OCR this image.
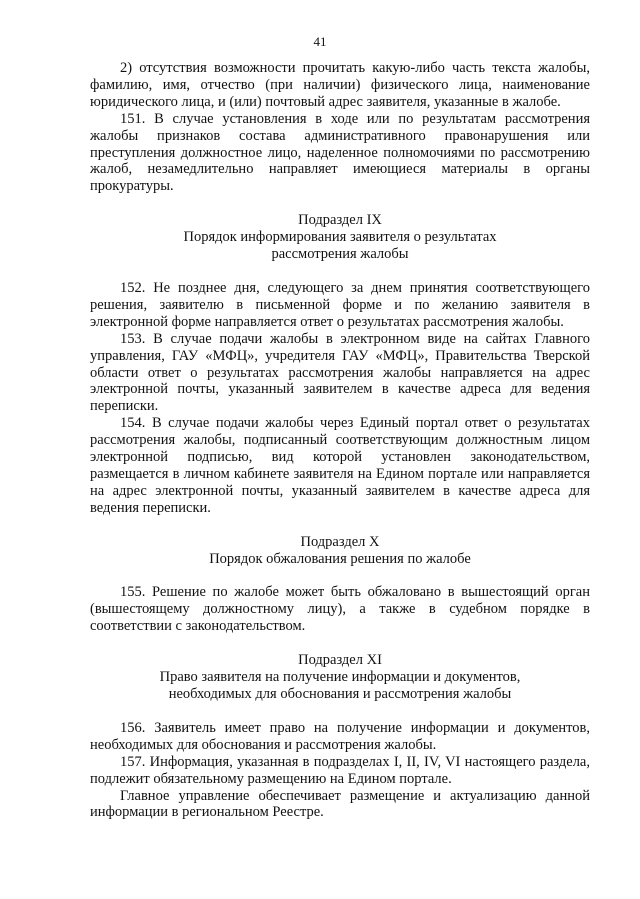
41

2) отсутствия возможности прочитать какую-либо часть текста жалобы, фамилию, имя, отчество (при наличии) физического лица, наименование юридического лица, и (или) почтовый адрес заявителя, указанные в жалобе.

151. В случае установления в ходе или по результатам рассмотрения жалобы признаков состава административного правонарушения или преступления должностное лицо, наделенное полномочиями по рассмотрению жалоб, незамедлительно направляет имеющиеся материалы в органы прокуратуры.

Подраздел IX
Порядок информирования заявителя о результатах
рассмотрения жалобы

152. Не позднее дня, следующего за днем принятия соответствующего решения, заявителю в письменной форме и по желанию заявителя в электронной форме направляется ответ о результатах рассмотрения жалобы.

153. В случае подачи жалобы в электронном виде на сайтах Главного управления, ГАУ «МФЦ», учредителя ГАУ «МФЦ», Правительства Тверской области ответ о результатах рассмотрения жалобы направляется на адрес электронной почты, указанный заявителем в качестве адреса для ведения переписки.

154. В случае подачи жалобы через Единый портал ответ о результатах рассмотрения жалобы, подписанный соответствующим должностным лицом электронной подписью, вид которой установлен законодательством, размещается в личном кабинете заявителя на Едином портале или направляется на адрес электронной почты, указанный заявителем в качестве адреса для ведения переписки.

Подраздел X
Порядок обжалования решения по жалобе

155. Решение по жалобе может быть обжаловано в вышестоящий орган (вышестоящему должностному лицу), а также в судебном порядке в соответствии с законодательством.

Подраздел XI
Право заявителя на получение информации и документов,
необходимых для обоснования и рассмотрения жалобы

156. Заявитель имеет право на получение информации и документов, необходимых для обоснования и рассмотрения жалобы.

157. Информация, указанная в подразделах I, II, IV, VI настоящего раздела, подлежит обязательному размещению на Едином портале.

Главное управление обеспечивает размещение и актуализацию данной информации в региональном Реестре.
